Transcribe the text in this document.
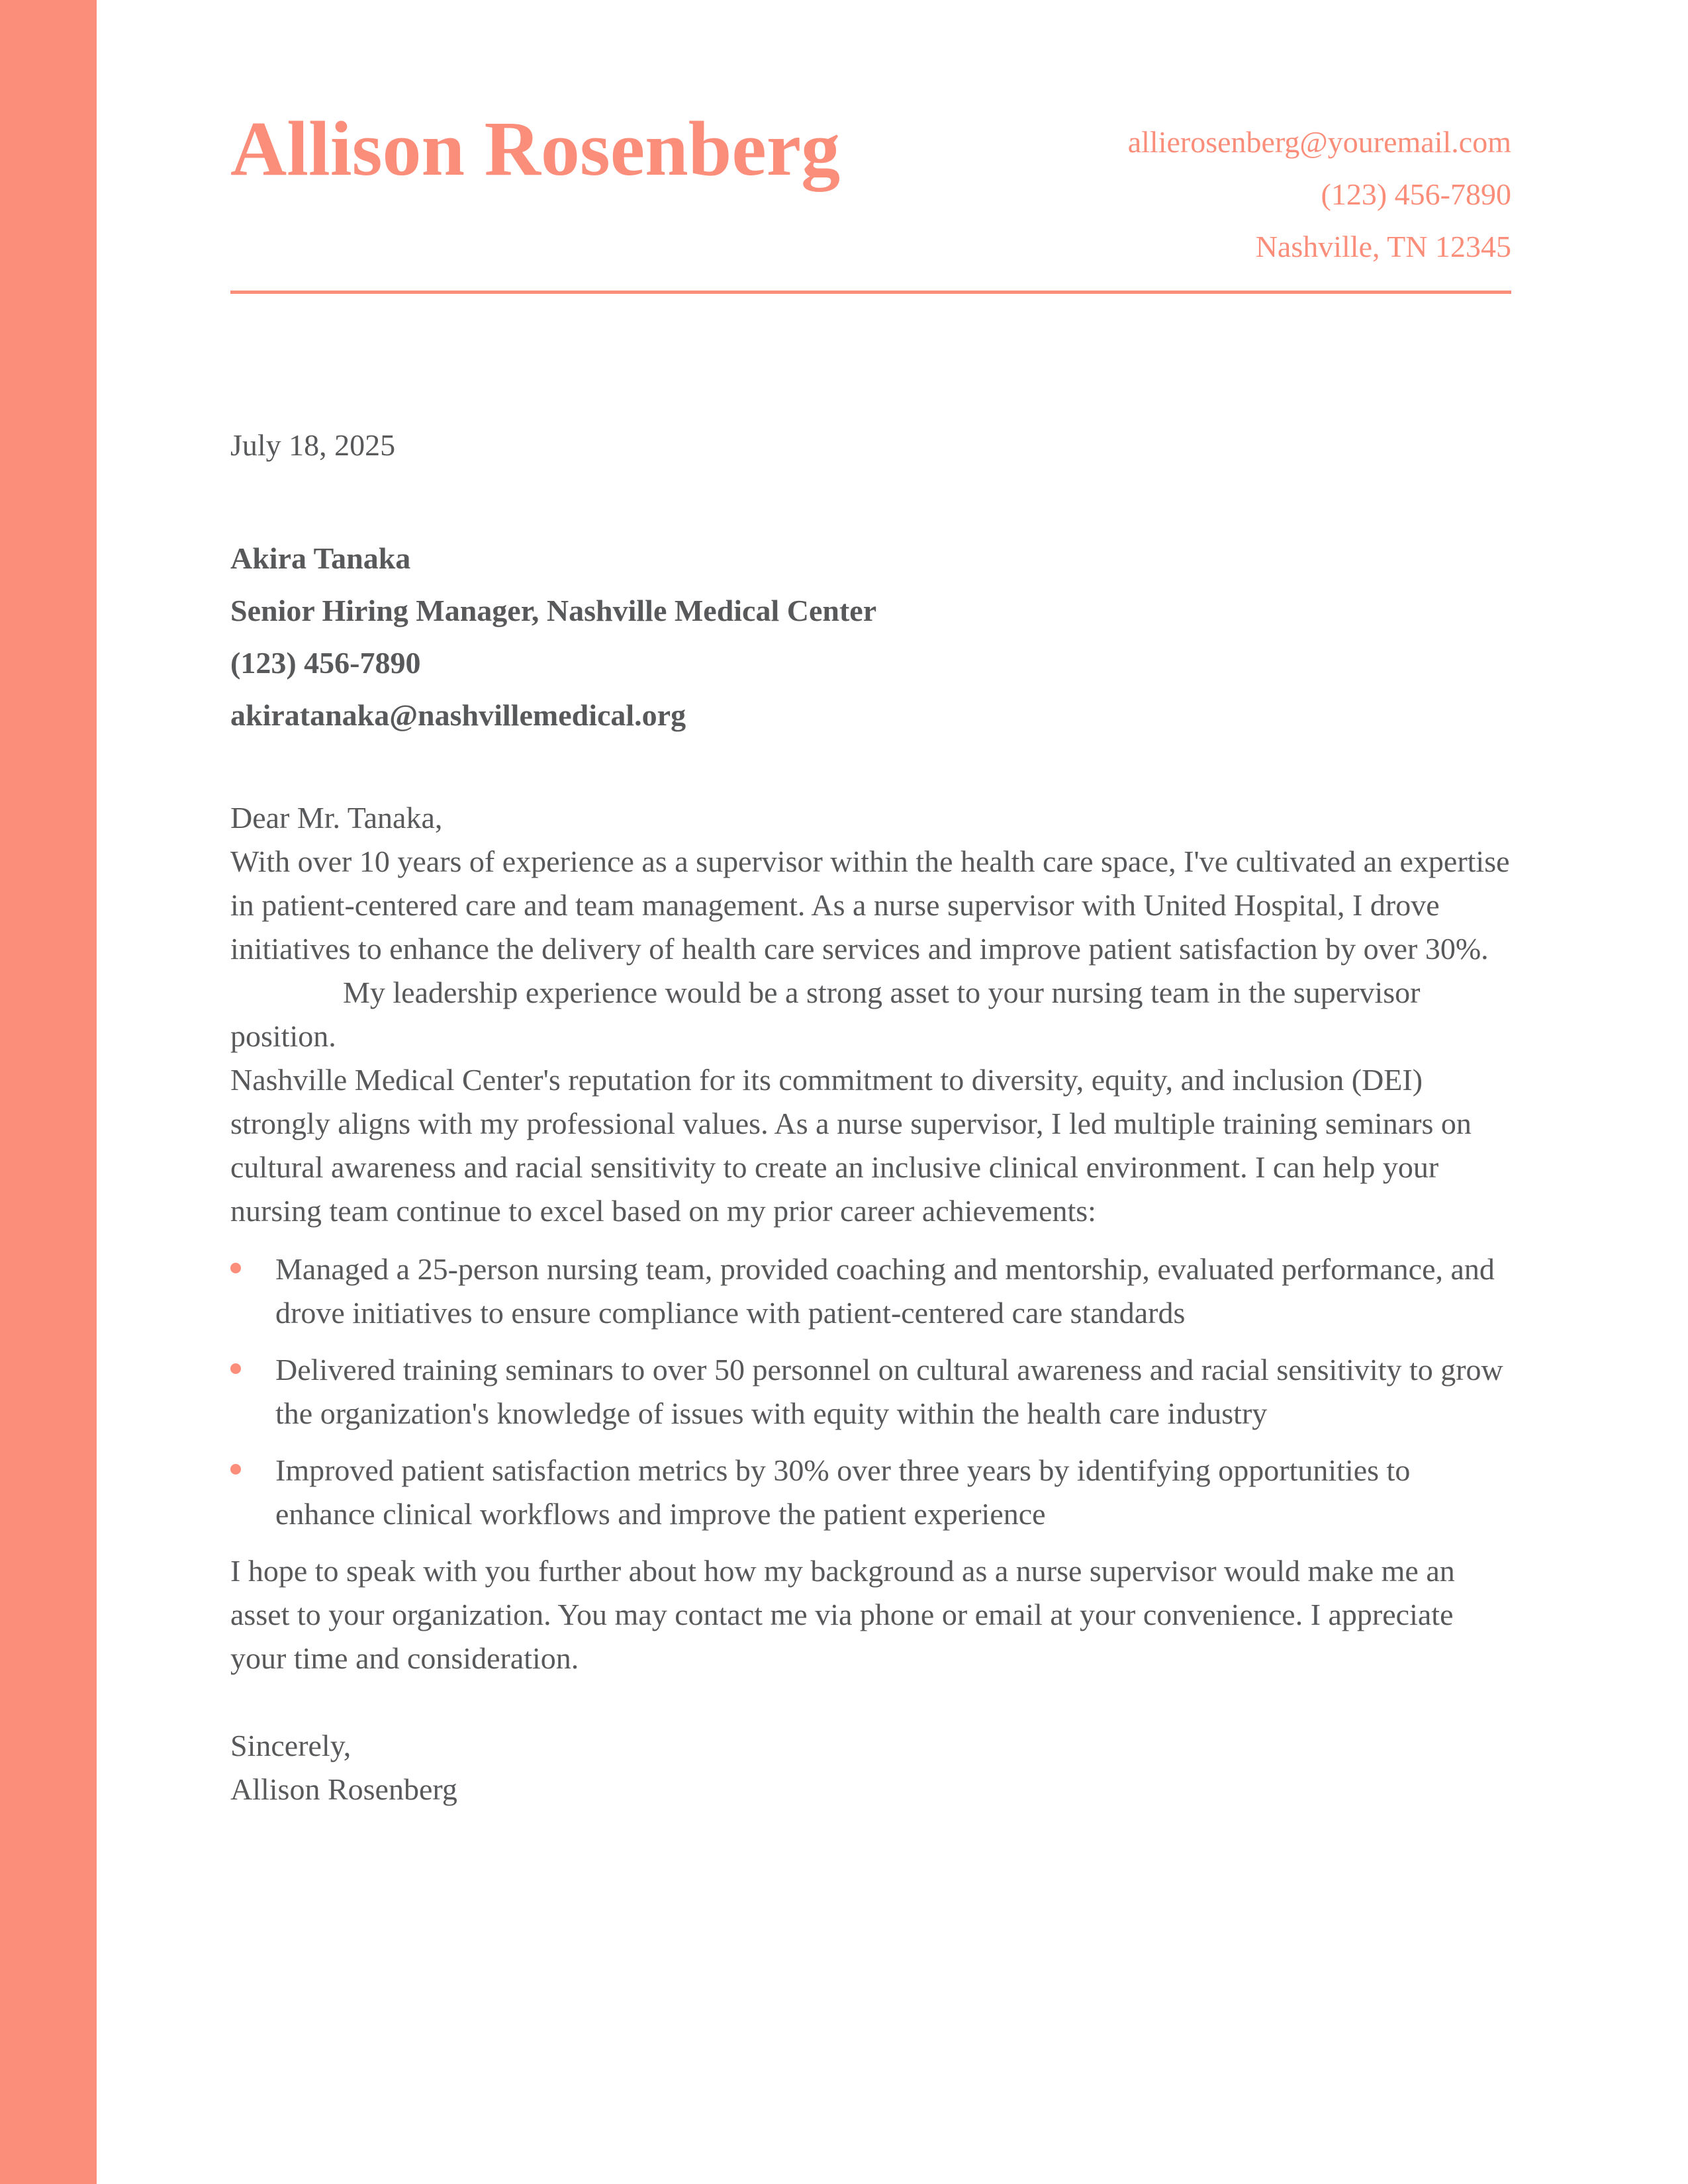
Allison Rosenberg	allierosenberg@youremail.com
(123) 456-7890
Nashville, TN 12345
July 18, 2025
Akira Tanaka
Senior Hiring Manager, Nashville Medical Center
(123) 456-7890
akiratanaka@nashvillemedical.org
Dear Mr. Tanaka,

With over 10 years of experience as a supervisor within the health care space, I've cultivated an expertise in patient-centered care and team management. As a nurse supervisor with United Hospital, I drove initiatives to enhance the delivery of health care services and improve patient satisfaction by over 30%.My leadership experience would be a strong asset to your nursing team in the supervisor position.

Nashville Medical Center's reputation for its commitment to diversity, equity, and inclusion (DEI) strongly aligns with my professional values. As a nurse supervisor, I led multiple training seminars on cultural awareness and racial sensitivity to create an inclusive clinical environment. I can help your nursing team continue to excel based on my prior career achievements:

Managed a 25-person nursing team, provided coaching and mentorship, evaluated performance, and drove initiatives to ensure compliance with patient-centered care standards
Delivered training seminars to over 50 personnel on cultural awareness and racial sensitivity to grow the organization's knowledge of issues with equity within the health care industry
Improved patient satisfaction metrics by 30% over three years by identifying opportunities to enhance clinical workflows and improve the patient experience

I hope to speak with you further about how my background as a nurse supervisor would make me an asset to your organization. You may contact me via phone or email at your convenience. I appreciate your time and consideration.

Sincerely,
Allison Rosenberg
